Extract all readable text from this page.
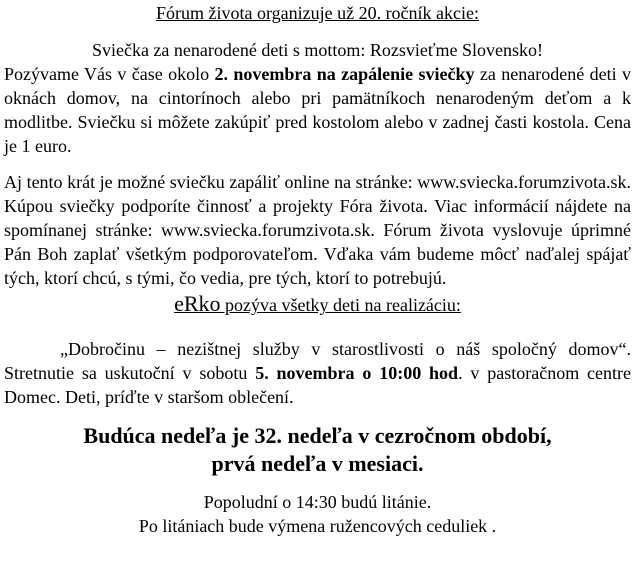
Fórum života organizuje už 20. ročník akcie:
Sviečka za nenarodené deti s mottom: Rozsvieťme Slovensko!

Pozývame Vás v čase okolo 2. novembra na zapálenie sviečky za nenarodené deti v oknách domov, na cintorínoch alebo pri pamätníkoch nenarodeným deťom a k modlitbe. Sviečku si môžete zakúpiť pred kostolom alebo v zadnej časti kostola. Cena je 1 euro.

Aj tento krát je možné sviečku zapáliť online na stránke: www.sviecka.forumzivota.sk. Kúpou sviečky podporíte činnosť a projekty Fóra života. Viac informácií nájdete na spomínanej stránke: www.sviecka.forumzivota.sk. Fórum života vyslovuje úprimné Pán Boh zaplať všetkým podporovateľom. Vďaka vám budeme môcť naďalej spájať tých, ktorí chcú, s tými, čo vedia, pre tých, ktorí to potrebujú.

eRko pozýva všetky deti na realizáciu:

„Dobročinu – nezištnej služby v starostlivosti o náš spoločný domov“. Stretnutie sa uskutoční v sobotu 5. novembra o 10:00 hod. v pastoračnom centre Domec. Deti, príďte v staršom oblečení.

Budúca nedeľa je 32. nedeľa v cezročnom období,
prvá nedeľa v mesiaci.
Popoludní o 14:30 budú litánie.
Po litániach bude výmena ružencových ceduliek .
